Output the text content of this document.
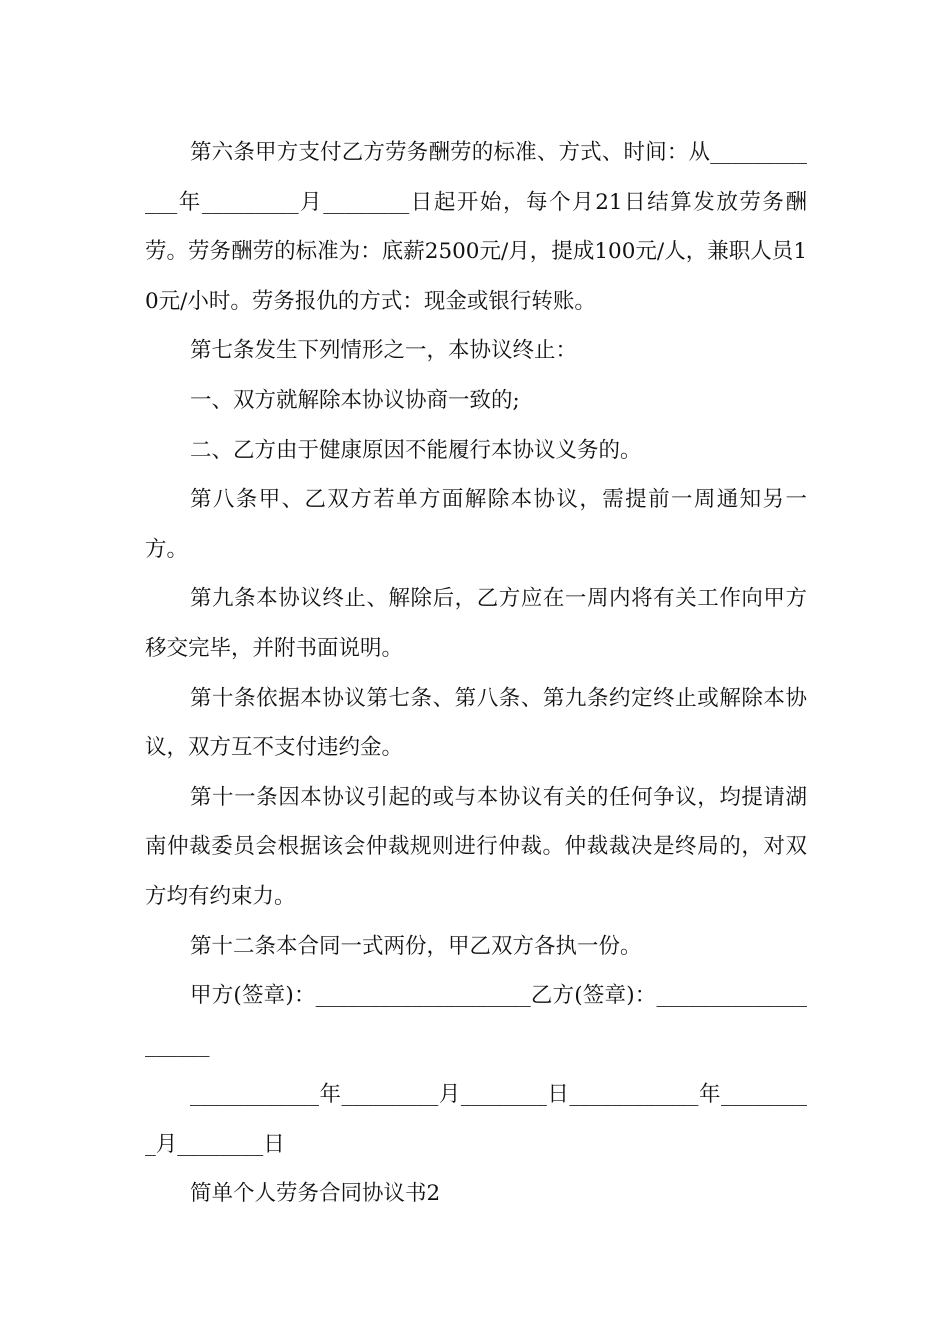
第六条甲方支付乙方劳务酬劳的标准、方式、时间：从____________年_________月________日起开始，每个月21日结算发放劳务酬劳。劳务酬劳的标准为：底薪2500元/月，提成100元/人，兼职人员10元/小时。劳务报仇的方式：现金或银行转账。

第七条发生下列情形之一，本协议终止：

一、双方就解除本协议协商一致的;

二、乙方由于健康原因不能履行本协议义务的。

第八条甲、乙双方若单方面解除本协议，需提前一周通知另一方。

第九条本协议终止、解除后，乙方应在一周内将有关工作向甲方移交完毕，并附书面说明。

第十条依据本协议第七条、第八条、第九条约定终止或解除本协议，双方互不支付违约金。

第十一条因本协议引起的或与本协议有关的任何争议，均提请湖南仲裁委员会根据该会仲裁规则进行仲裁。仲裁裁决是终局的，对双方均有约束力。

第十二条本合同一式两份，甲乙双方各执一份。

甲方(签章)：____________________乙方(签章)：____________________

____________年_________月________日____________年_________月________日

简单个人劳务合同协议书2
